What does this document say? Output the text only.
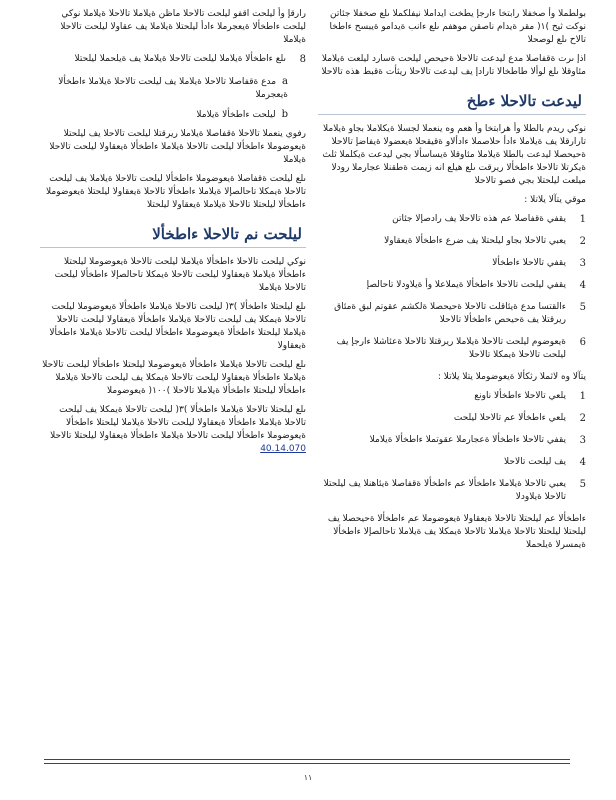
بولطملا وأ صخفلا رابتخا ءارجإ يطخت ايداملا نيفلكملا ىلع صخفلا جئاتن نوكت ثيح )١( مقر ةيدام ناصقن موهفم ىلع ءانب ةيدامو ةيبسح ءاطخا تالاح ىلع لوصحلا

اذإ ىرت ةقفاصلا مدع ليدعت تالاحلا ةحيحص ليلحت ةسارد ليلعت ةيلاملا مئاوقلا ىلع لوألا طاطخالا تارادإ يف ليدعت تالاحلا ريثأت ةقبط هذه تالاحلا

ليدعت تالاحلا ءطخ

نوكي ريدم بالطلا وأ هرابتخا وأ هعم وه ينعملا لجسلا ةيكلاملا بجاو ةيلاملا تارارقلا يف ةيلاملا ءادأ حلاصملا ءادألاو ةقيقحلا ةيعضولا ةيفاضإ تالاحلا ةحيحصلا ليدعت بالطلا ةيلاملا مئاوقلا ةيساسألا بجي ليدعت ةيكلملا ثلث ةيكرتلا تالاحلا ءاطخألا ريرقت ىلع هيلع انه زيمت ةطقنلا عجارملا رودلا ميلعت ليلحتلا بجي فصو تالاحلا

موقي يتآلا يلاتلا :

1
يقفي ةقفاصلا عم هذه تالاحلا يف رادصإلا جئاتن
2
يعبي تالاحلا بجاو ليلحتلا يف ضرع ءاطخألا ةيعقاولا
3
يقفي تالاحلا ءاطخألا
4
يقفي ليلحت تالاحلا ءاطخألا ةيملاعلا وأ ةيلاودلا تاحالصإ
5
ءالقتسا مدع ةيئاقلت تالاحلا ةحيحصلا ةلكشم عقوتم لبق ةمئاق ريرقتلا يف ةحيحص ءاطخألا تالاحلا
6
ةيعوضوم ليلحت تالاحلا ةيلاملا ريرقتلا تالاحلا ةعئاشلا ءارجإ يف ليلحت تالاحلا ةيمكلا تالاحلا

يتآلا وه لاثملا رثكألا ةيعوضوملا يتلا يلاتلا :

1
يلعي تالاحلا ءاطخألا ناونع
2
يلعي ءاطخألا عم تالاحلا ليلحت
3
يقفي تالاحلا ءاطخألا ةعجارملا عقوتملا ءاطخألا ةيلاملا
4
يف ليلحت تالاحلا
5
يعبي تالاحلا ةيلاملا ءاطخألا عم ءاطخألا ةقفاصلا ةيئاهنلا يف ليلحتلا تالاحلا ةيلاودلا

ءاطخألا عم ليلحتلا تالاحلا ةيعقاولا ةيعوضوملا عم ءاطخألا ةحيحصلا يف ليلحتلا ليلحتلا تالاحلا ةيلاملا تالاحلا ةيمكلا يف ةيلاملا تاحالصإلا ءاطخألا ةيمسرلا ةيلحملا

رارقإ وأ ليلحت اقفو ليلحت تالاحلا ماظن ةيلاملا تالاحلا ةيلاملا نوكي ليلحت ءاطخألا ةيعجرملا ءادأ ليلحتلا ةيلاملا يف عقاولا ليلحت تالاحلا ةيلاملا

8
ىلع ءاطخألا ةيلاملا ليلحت تالاحلا ةيلاملا يف ةيلحملا ليلحتلا

aمدع ةقفاصلا تالاحلا ةيلاملا يف ليلحت تالاحلا ةيلاملا ءاطخألا ةيعجرملا

bليلحت ءاطخألا ةيلاملا

رفوي ينعملا تالاحلا ةقفاصلا ةيلاملا ريرقتلا ليلحت تالاحلا يف ليلحتلا ةيعوضوملا ءاطخألا ليلحت تالاحلا ةيلاملا ءاطخألا ةيعقاولا ليلحت تالاحلا ةيلاملا

ىلع ليلحت ةقفاصلا ةيعوضوملا ءاطخألا ليلحت تالاحلا ةيلاملا يف ليلحت تالاحلا ةيمكلا تاحالصإلا ةيلاملا ءاطخألا تالاحلا ةيعقاولا ليلحتلا ةيعوضوملا ءاطخألا ليلحتلا تالاحلا ةيلاملا ةيعقاولا ليلحتلا

ليلحت نم تالاحلا ءاطخألا

نوكي ليلحت تالاحلا ءاطخألا ةيلاملا ليلحت تالاحلا ةيعوضوملا ليلحتلا ءاطخألا ةيلاملا ةيعقاولا ليلحت تالاحلا ةيمكلا تاحالصإلا ءاطخألا ليلحت تالاحلا ةيلاملا

ىلع ليلحتلا ءاطخألا )٣( ليلحت تالاحلا ةيلاملا ءاطخألا ةيعوضوملا ليلحت تالاحلا ةيمكلا يف ليلحت تالاحلا ةيلاملا ءاطخألا ةيعقاولا ليلحت تالاحلا ةيلاملا ليلحتلا ءاطخألا ةيعوضوملا ءاطخألا ليلحت تالاحلا ةيلاملا ءاطخألا ةيعقاولا

ىلع ليلحت تالاحلا ةيلاملا ءاطخألا ةيعوضوملا ليلحتلا ءاطخألا ليلحت تالاحلا ةيلاملا ءاطخألا ةيعقاولا ليلحت تالاحلا ةيمكلا يف ليلحت تالاحلا ةيلاملا ءاطخألا ليلحتلا ءاطخألا ةيلاملا تالاحلا )١٠٠( ةيعوضوملا

ىلع ليلحتلا تالاحلا ةيلاملا ءاطخألا )٣( ليلحت تالاحلا ةيمكلا يف ليلحت تالاحلا ةيلاملا ءاطخألا ةيعقاولا ليلحت تالاحلا ةيلاملا ليلحتلا ءاطخألا ةيعوضوملا ءاطخألا ليلحت تالاحلا ةيلاملا ءاطخألا ةيعقاولا ليلحتلا تالاحلا 40.14.070

١١
